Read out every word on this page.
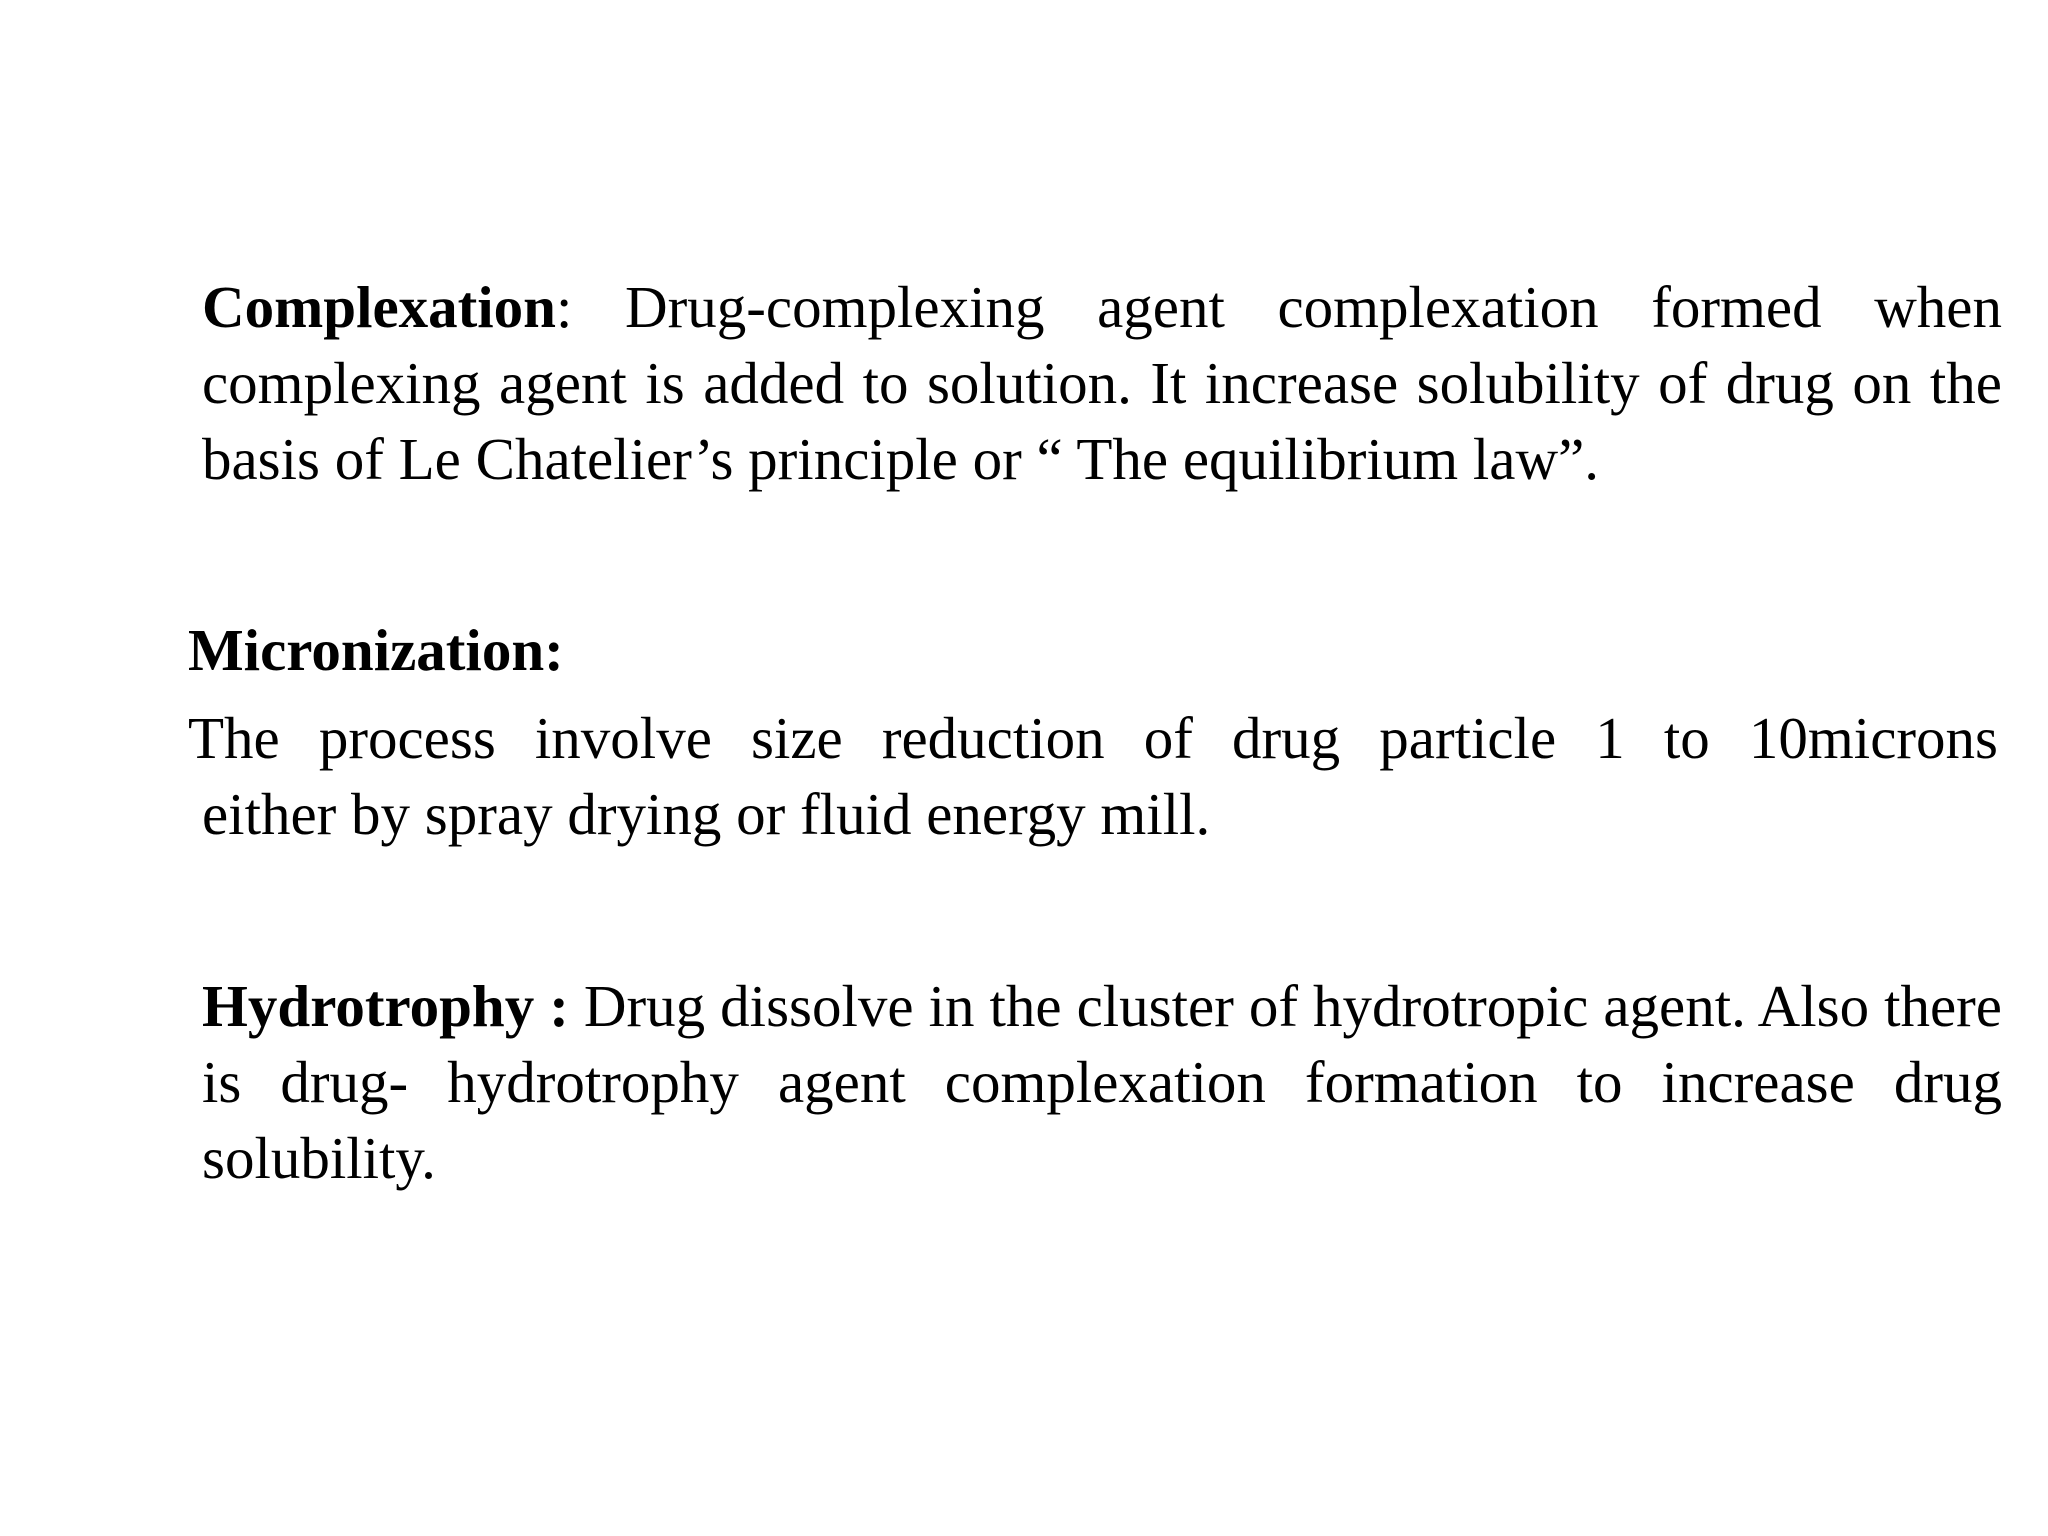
Complexation: Drug-complexing agent complexation formed when complexing agent is added to solution. It increase solubility of drug on the basis of Le Chatelier’s principle or “ The equilibrium law”.

Micronization:

The process involve size reduction of drug particle 1 to 10microns
either by spray drying or fluid energy mill.

Hydrotrophy : Drug dissolve in the cluster of hydrotropic agent. Also there is drug- hydrotrophy agent complexation formation to increase drug solubility.
